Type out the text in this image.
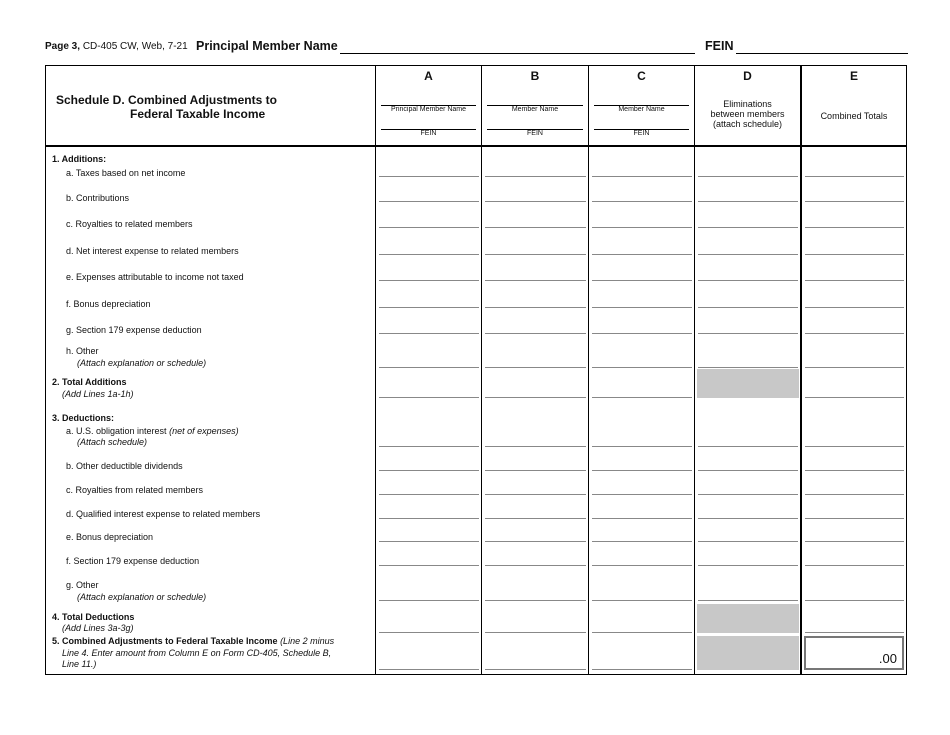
Page 3, CD-405 CW, Web, 7-21 Principal Member Name	FEIN
Schedule D. Combined Adjustments to
Federal Taxable Income
A
Principal Member Name
FEIN
B
Member Name
FEIN
C
Member Name
FEIN
D
Eliminations
between members
(attach schedule)
E
Combined Totals
1. Additions:
a. Taxes based on net income
b. Contributions
c. Royalties to related members
d. Net interest expense to related members
e. Expenses attributable to income not taxed
f. Bonus depreciation
g. Section 179 expense deduction
h. Other
(Attach explanation or schedule)
2. Total Additions
(Add Lines 1a-1h)
3. Deductions:
a. U.S. obligation interest (net of expenses)
(Attach schedule)
b. Other deductible dividends
c. Royalties from related members
d. Qualified interest expense to related members
e. Bonus depreciation
f. Section 179 expense deduction
g. Other
(Attach explanation or schedule)
4. Total Deductions
(Add Lines 3a-3g)
5. Combined Adjustments to Federal Taxable Income (Line 2 minus
Line 4. Enter amount from Column E on Form CD-405, Schedule B,
Line 11.)	.00
